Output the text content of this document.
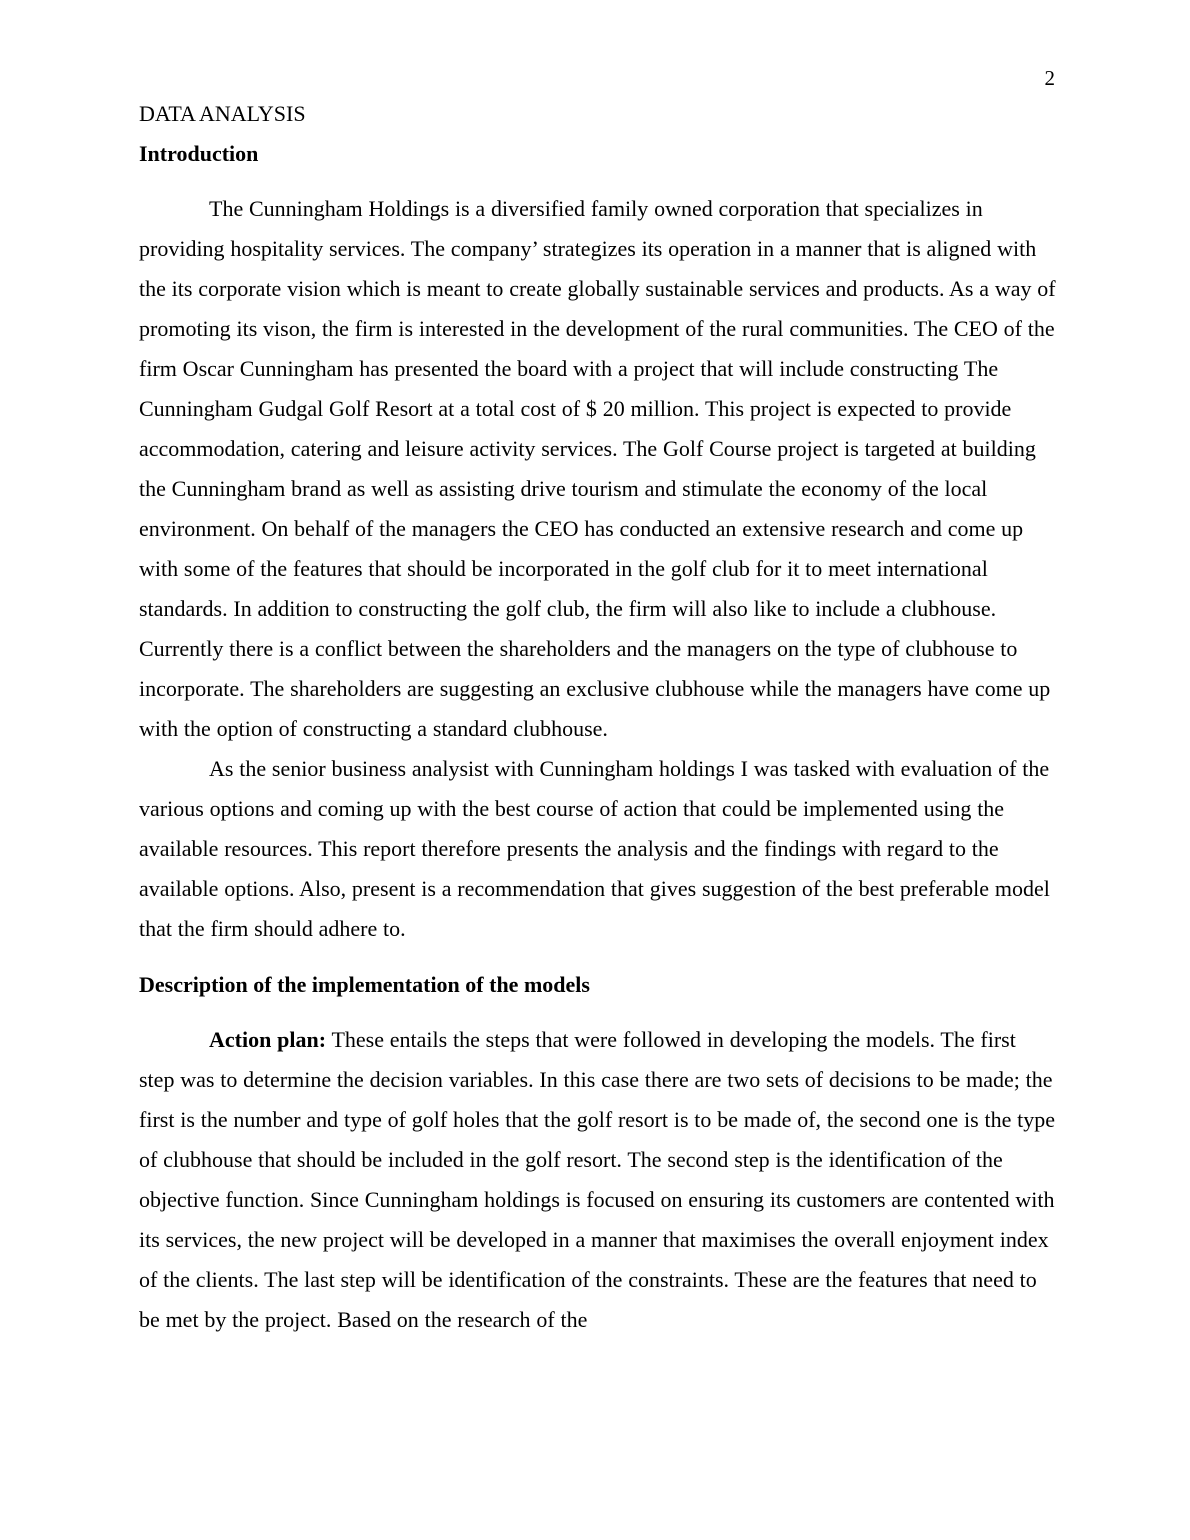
2
DATA ANALYSIS
Introduction

The Cunningham Holdings is a diversified family owned corporation that specializes in providing hospitality services. The company’ strategizes its operation in a manner that is aligned with the its corporate vision which is meant to create globally sustainable services and products. As a way of promoting its vison, the firm is interested in the development of the rural communities. The CEO of the firm Oscar Cunningham has presented the board with a project that will include constructing The Cunningham Gudgal Golf Resort at a total cost of $ 20 million. This project is expected to provide accommodation, catering and leisure activity services. The Golf Course project is targeted at building the Cunningham brand as well as assisting drive tourism and stimulate the economy of the local environment. On behalf of the managers the CEO has conducted an extensive research and come up with some of the features that should be incorporated in the golf club for it to meet international standards. In addition to constructing the golf club, the firm will also like to include a clubhouse. Currently there is a conflict between the shareholders and the managers on the type of clubhouse to incorporate. The shareholders are suggesting an exclusive clubhouse while the managers have come up with the option of constructing a standard clubhouse.

As the senior business analysist with Cunningham holdings I was tasked with evaluation of the various options and coming up with the best course of action that could be implemented using the available resources. This report therefore presents the analysis and the findings with regard to the available options. Also, present is a recommendation that gives suggestion of the best preferable model that the firm should adhere to.

Description of the implementation of the models

Action plan: These entails the steps that were followed in developing the models. The first step was to determine the decision variables. In this case there are two sets of decisions to be made; the first is the number and type of golf holes that the golf resort is to be made of, the second one is the type of clubhouse that should be included in the golf resort. The second step is the identification of the objective function. Since Cunningham holdings is focused on ensuring its customers are contented with its services, the new project will be developed in a manner that maximises the overall enjoyment index of the clients. The last step will be identification of the constraints. These are the features that need to be met by the project. Based on the research of the
